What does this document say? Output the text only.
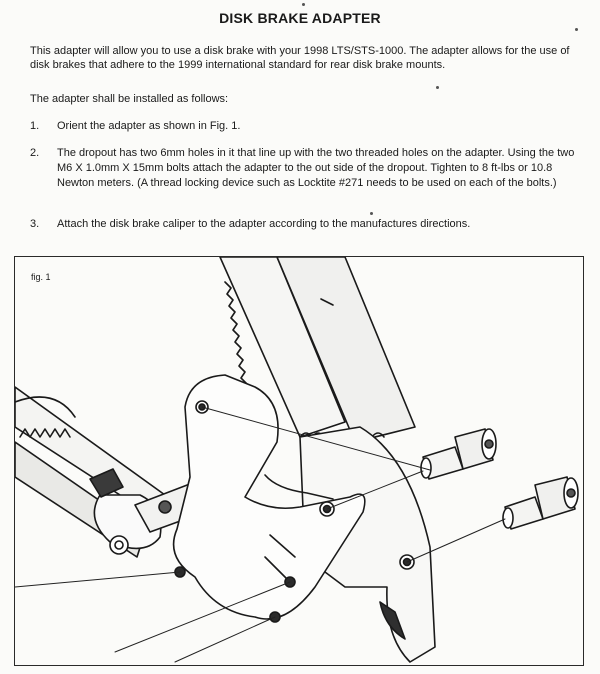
DISK BRAKE ADAPTER
This adapter will allow you to use a disk brake with your 1998 LTS/STS-1000. The adapter allows for the use of disk brakes that adhere to the 1999 international standard for rear disk brake mounts.
The adapter shall be installed as follows:
1.	Orient the adapter as shown in Fig. 1.
2.	The dropout has two 6mm holes in it that line up with the two threaded holes on the adapter. Using the two M6 X 1.0mm X 15mm bolts attach the adapter to the out side of the dropout. Tighten to 8 ft-lbs or 10.8 Newton meters. (A thread locking device such as Locktite #271 needs to be used on each of the bolts.)
3.	Attach the disk brake caliper to the adapter according to the manufactures directions.
fig. 1
